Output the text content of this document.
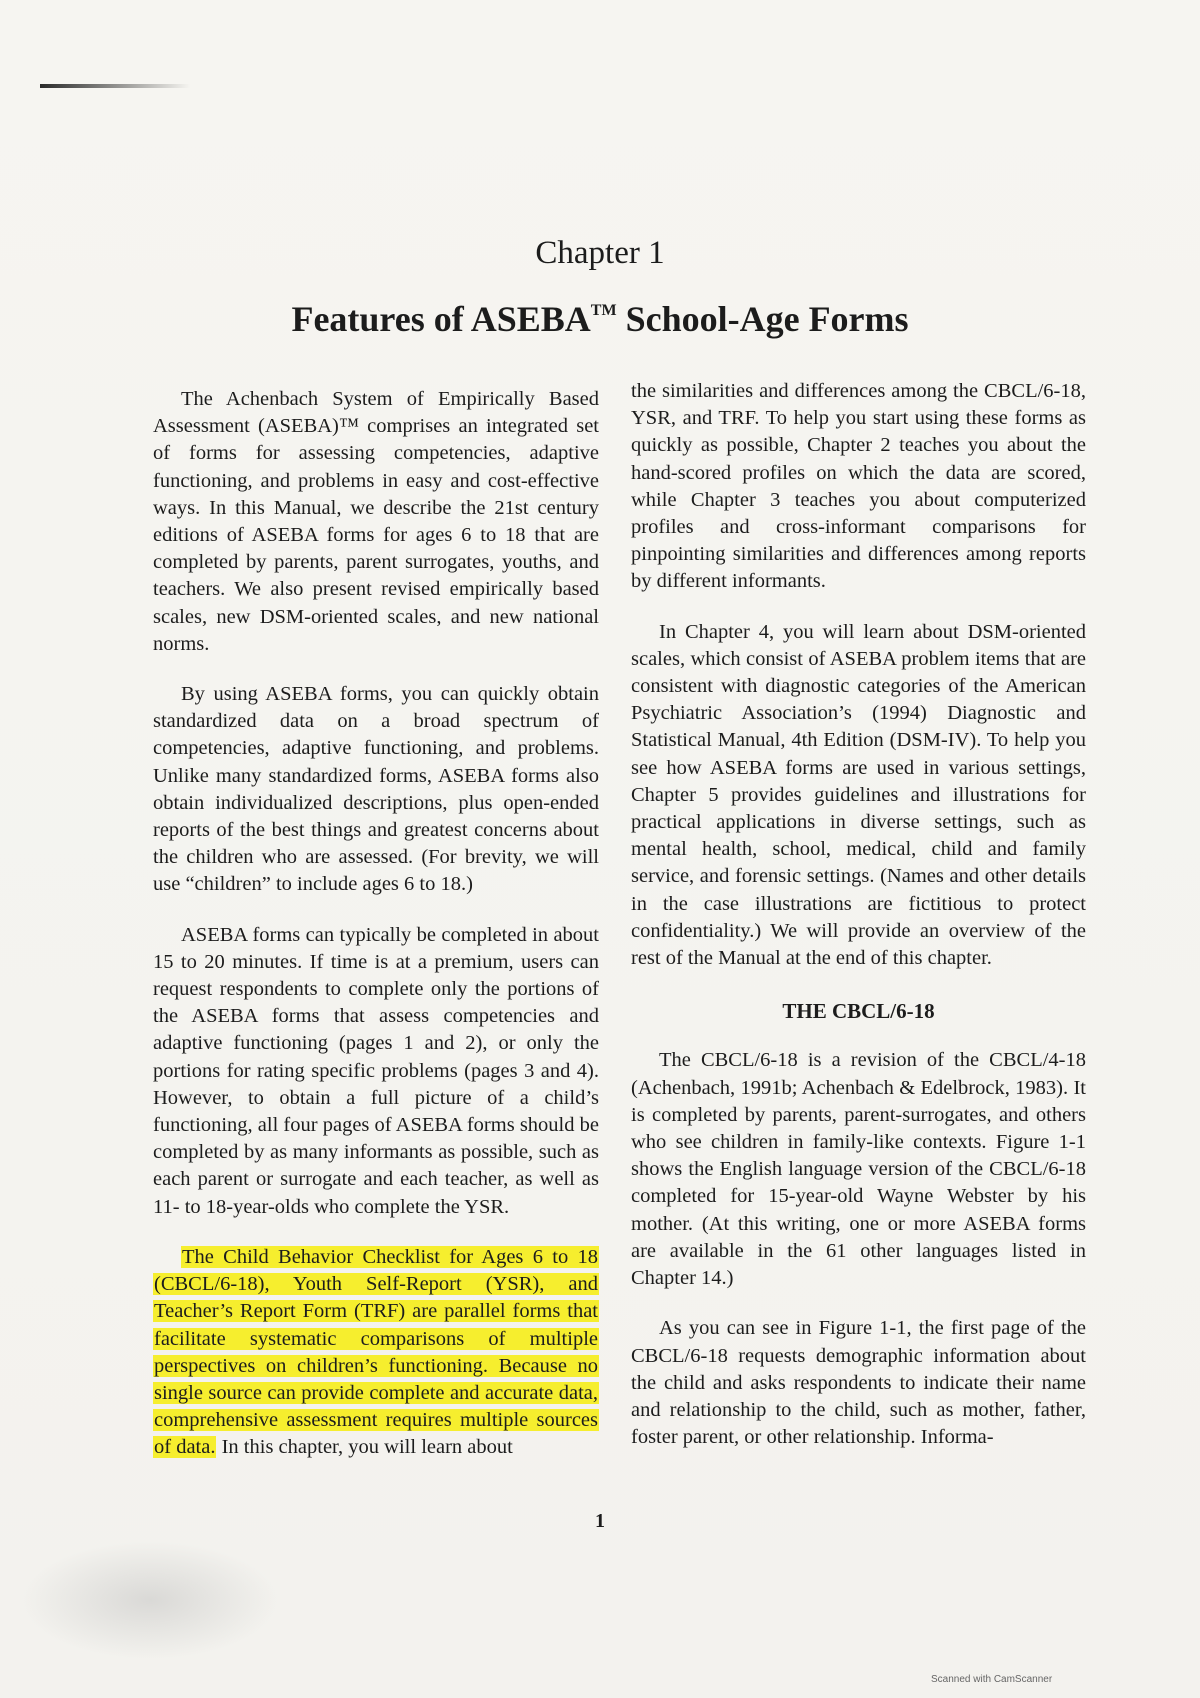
Chapter 1
Features of ASEBA™ School-Age Forms

The Achenbach System of Empirically Based Assessment (ASEBA)™ comprises an integrated set of forms for assessing competencies, adaptive functioning, and problems in easy and cost-effective ways. In this Manual, we describe the 21st century editions of ASEBA forms for ages 6 to 18 that are completed by parents, parent surrogates, youths, and teachers. We also present revised empirically based scales, new DSM-oriented scales, and new national norms.

By using ASEBA forms, you can quickly obtain standardized data on a broad spectrum of competencies, adaptive functioning, and problems. Unlike many standardized forms, ASEBA forms also obtain individualized descriptions, plus open-ended reports of the best things and greatest concerns about the children who are assessed. (For brevity, we will use “children” to include ages 6 to 18.)

ASEBA forms can typically be completed in about 15 to 20 minutes. If time is at a premium, users can request respondents to complete only the portions of the ASEBA forms that assess competencies and adaptive functioning (pages 1 and 2), or only the portions for rating specific problems (pages 3 and 4). However, to obtain a full picture of a child’s functioning, all four pages of ASEBA forms should be completed by as many informants as possible, such as each parent or surrogate and each teacher, as well as 11- to 18-year-olds who complete the YSR.

The Child Behavior Checklist for Ages 6 to 18 (CBCL/6-18), Youth Self-Report (YSR), and Teacher’s Report Form (TRF) are parallel forms that facilitate systematic comparisons of multiple perspectives on children’s functioning. Because no single source can provide complete and accurate data, comprehensive assessment requires multiple sources of data. In this chapter, you will learn about

the similarities and differences among the CBCL/6-18, YSR, and TRF. To help you start using these forms as quickly as possible, Chapter 2 teaches you about the hand-scored profiles on which the data are scored, while Chapter 3 teaches you about computerized profiles and cross-informant comparisons for pinpointing similarities and differences among reports by different informants.

In Chapter 4, you will learn about DSM-oriented scales, which consist of ASEBA problem items that are consistent with diagnostic categories of the American Psychiatric Association’s (1994) Diagnostic and Statistical Manual, 4th Edition (DSM-IV). To help you see how ASEBA forms are used in various settings, Chapter 5 provides guidelines and illustrations for practical applications in diverse settings, such as mental health, school, medical, child and family service, and forensic settings. (Names and other details in the case illustrations are fictitious to protect confidentiality.) We will provide an overview of the rest of the Manual at the end of this chapter.

THE CBCL/6-18

The CBCL/6-18 is a revision of the CBCL/4-18 (Achenbach, 1991b; Achenbach & Edelbrock, 1983). It is completed by parents, parent-surrogates, and others who see children in family-like contexts. Figure 1-1 shows the English language version of the CBCL/6-18 completed for 15-year-old Wayne Webster by his mother. (At this writing, one or more ASEBA forms are available in the 61 other languages listed in Chapter 14.)

As you can see in Figure 1-1, the first page of the CBCL/6-18 requests demographic information about the child and asks respondents to indicate their name and relationship to the child, such as mother, father, foster parent, or other relationship. Informa-

1
Scanned with CamScanner
